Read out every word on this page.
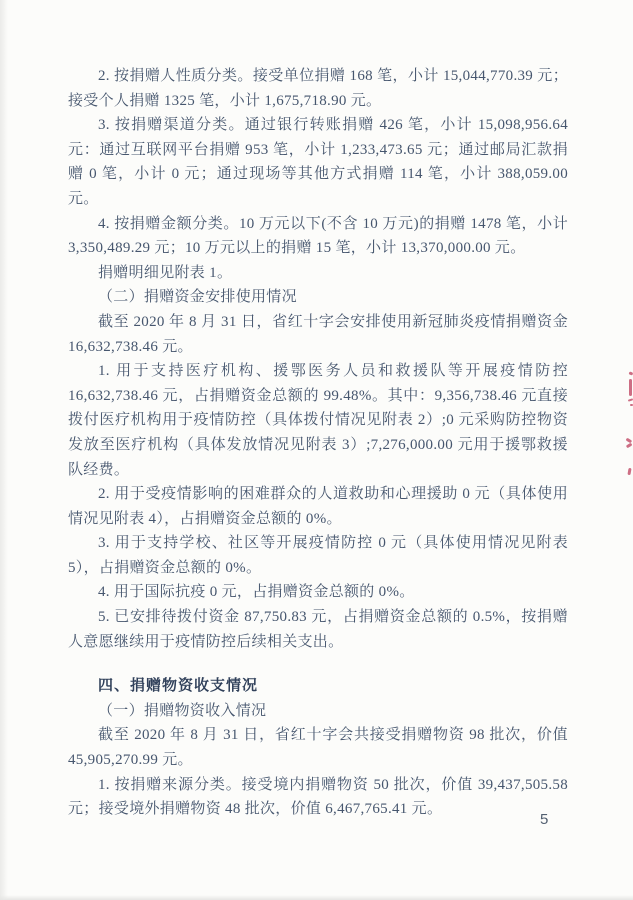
2. 按捐赠人性质分类。接受单位捐赠 168 笔，小计 15,044,770.39 元；接受个人捐赠 1325 笔，小计 1,675,718.90 元。

3. 按捐赠渠道分类。通过银行转账捐赠 426 笔，小计 15,098,956.64 元：通过互联网平台捐赠 953 笔，小计 1,233,473.65 元；通过邮局汇款捐赠 0 笔，小计 0 元；通过现场等其他方式捐赠 114 笔，小计 388,059.00 元。

4. 按捐赠金额分类。10 万元以下(不含 10 万元)的捐赠 1478 笔，小计 3,350,489.29 元；10 万元以上的捐赠 15 笔，小计 13,370,000.00 元。

捐赠明细见附表 1。

（二）捐赠资金安排使用情况

截至 2020 年 8 月 31 日，省红十字会安排使用新冠肺炎疫情捐赠资金 16,632,738.46 元。

1. 用于支持医疗机构、援鄂医务人员和救援队等开展疫情防控 16,632,738.46 元，占捐赠资金总额的 99.48%。其中：9,356,738.46 元直接拨付医疗机构用于疫情防控（具体拨付情况见附表 2）;0 元采购防控物资发放至医疗机构（具体发放情况见附表 3）;7,276,000.00 元用于援鄂救援队经费。

2. 用于受疫情影响的困难群众的人道救助和心理援助 0 元（具体使用情况见附表 4），占捐赠资金总额的 0%。

3. 用于支持学校、社区等开展疫情防控 0 元（具体使用情况见附表 5），占捐赠资金总额的 0%。

4. 用于国际抗疫 0 元，占捐赠资金总额的 0%。

5. 已安排待拨付资金 87,750.83 元，占捐赠资金总额的 0.5%，按捐赠人意愿继续用于疫情防控后续相关支出。

四、捐赠物资收支情况

（一）捐赠物资收入情况

截至 2020 年 8 月 31 日，省红十字会共接受捐赠物资 98 批次，价值 45,905,270.99 元。

1. 按捐赠来源分类。接受境内捐赠物资 50 批次，价值 39,437,505.58 元；接受境外捐赠物资 48 批次，价值 6,467,765.41 元。

5
